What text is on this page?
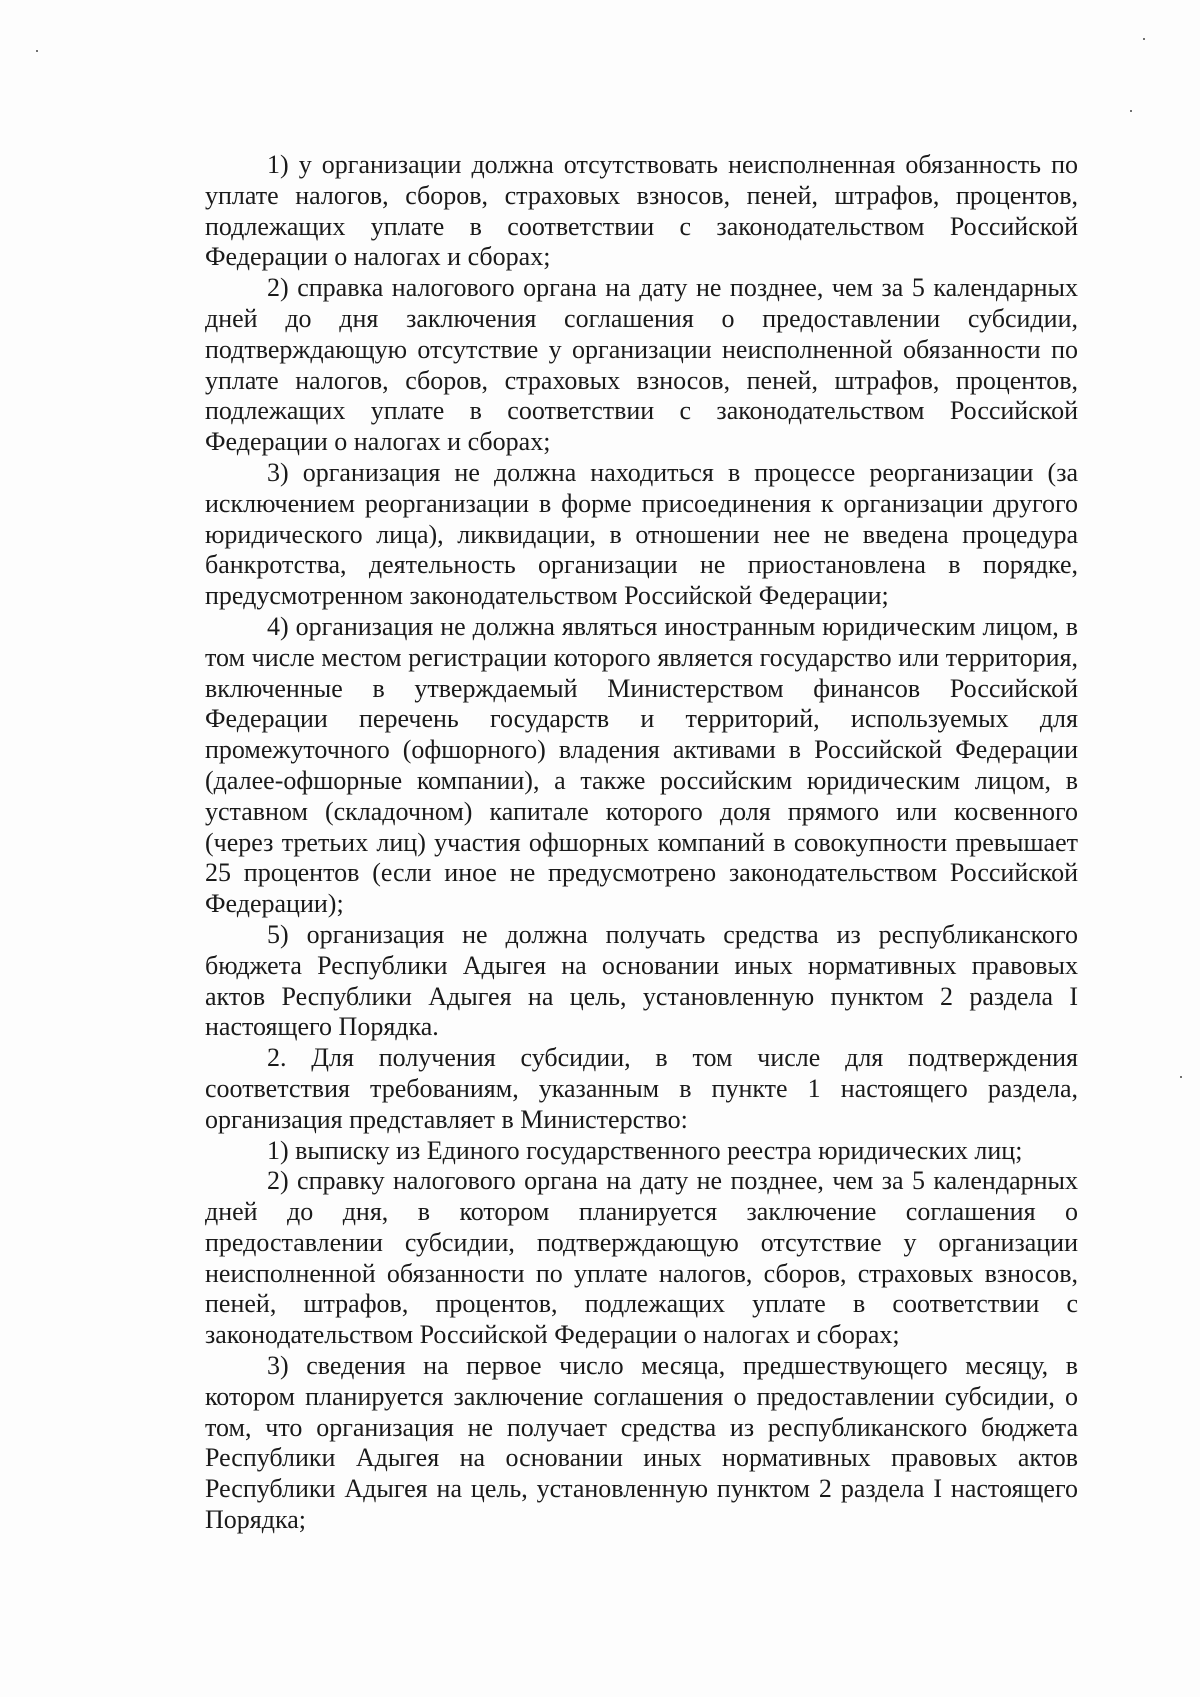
1) у организации должна отсутствовать неисполненная обязанность по уплате налогов, сборов, страховых взносов, пеней, штрафов, процентов, подлежащих уплате в соответствии с законодательством Российской Федерации о налогах и сборах;

2) справка налогового органа на дату не позднее, чем за 5 календарных дней до дня заключения соглашения о предоставлении субсидии, подтверждающую отсутствие у организации неисполненной обязанности по уплате налогов, сборов, страховых взносов, пеней, штрафов, процентов, подлежащих уплате в соответствии с законодательством Российской Федерации о налогах и сборах;

3) организация не должна находиться в процессе реорганизации (за исключением реорганизации в форме присоединения к организации другого юридического лица), ликвидации, в отношении нее не введена процедура банкротства, деятельность организации не приостановлена в порядке, предусмотренном законодательством Российской Федерации;

4) организация не должна являться иностранным юридическим лицом, в том числе местом регистрации которого является государство или территория, включенные в утверждаемый Министерством финансов Российской Федерации перечень государств и территорий, используемых для промежуточного (офшорного) владения активами в Российской Федерации (далее-офшорные компании), а также российским юридическим лицом, в уставном (складочном) капитале которого доля прямого или косвенного (через третьих лиц) участия офшорных компаний в совокупности превышает 25 процентов (если иное не предусмотрено законодательством Российской Федерации);

5) организация не должна получать средства из республиканского бюджета Республики Адыгея на основании иных нормативных правовых актов Республики Адыгея на цель, установленную пунктом 2 раздела I настоящего Порядка.

2. Для получения субсидии, в том числе для подтверждения соответствия требованиям, указанным в пункте 1 настоящего раздела, организация представляет в Министерство:

1) выписку из Единого государственного реестра юридических лиц;

2) справку налогового органа на дату не позднее, чем за 5 календарных дней до дня, в котором планируется заключение соглашения о предоставлении субсидии, подтверждающую отсутствие у организации неисполненной обязанности по уплате налогов, сборов, страховых взносов, пеней, штрафов, процентов, подлежащих уплате в соответствии с законодательством Российской Федерации о налогах и сборах;

3) сведения на первое число месяца, предшествующего месяцу, в котором планируется заключение соглашения о предоставлении субсидии, о том, что организация не получает средства из республиканского бюджета Республики Адыгея на основании иных нормативных правовых актов Республики Адыгея на цель, установленную пунктом 2 раздела I настоящего Порядка;
